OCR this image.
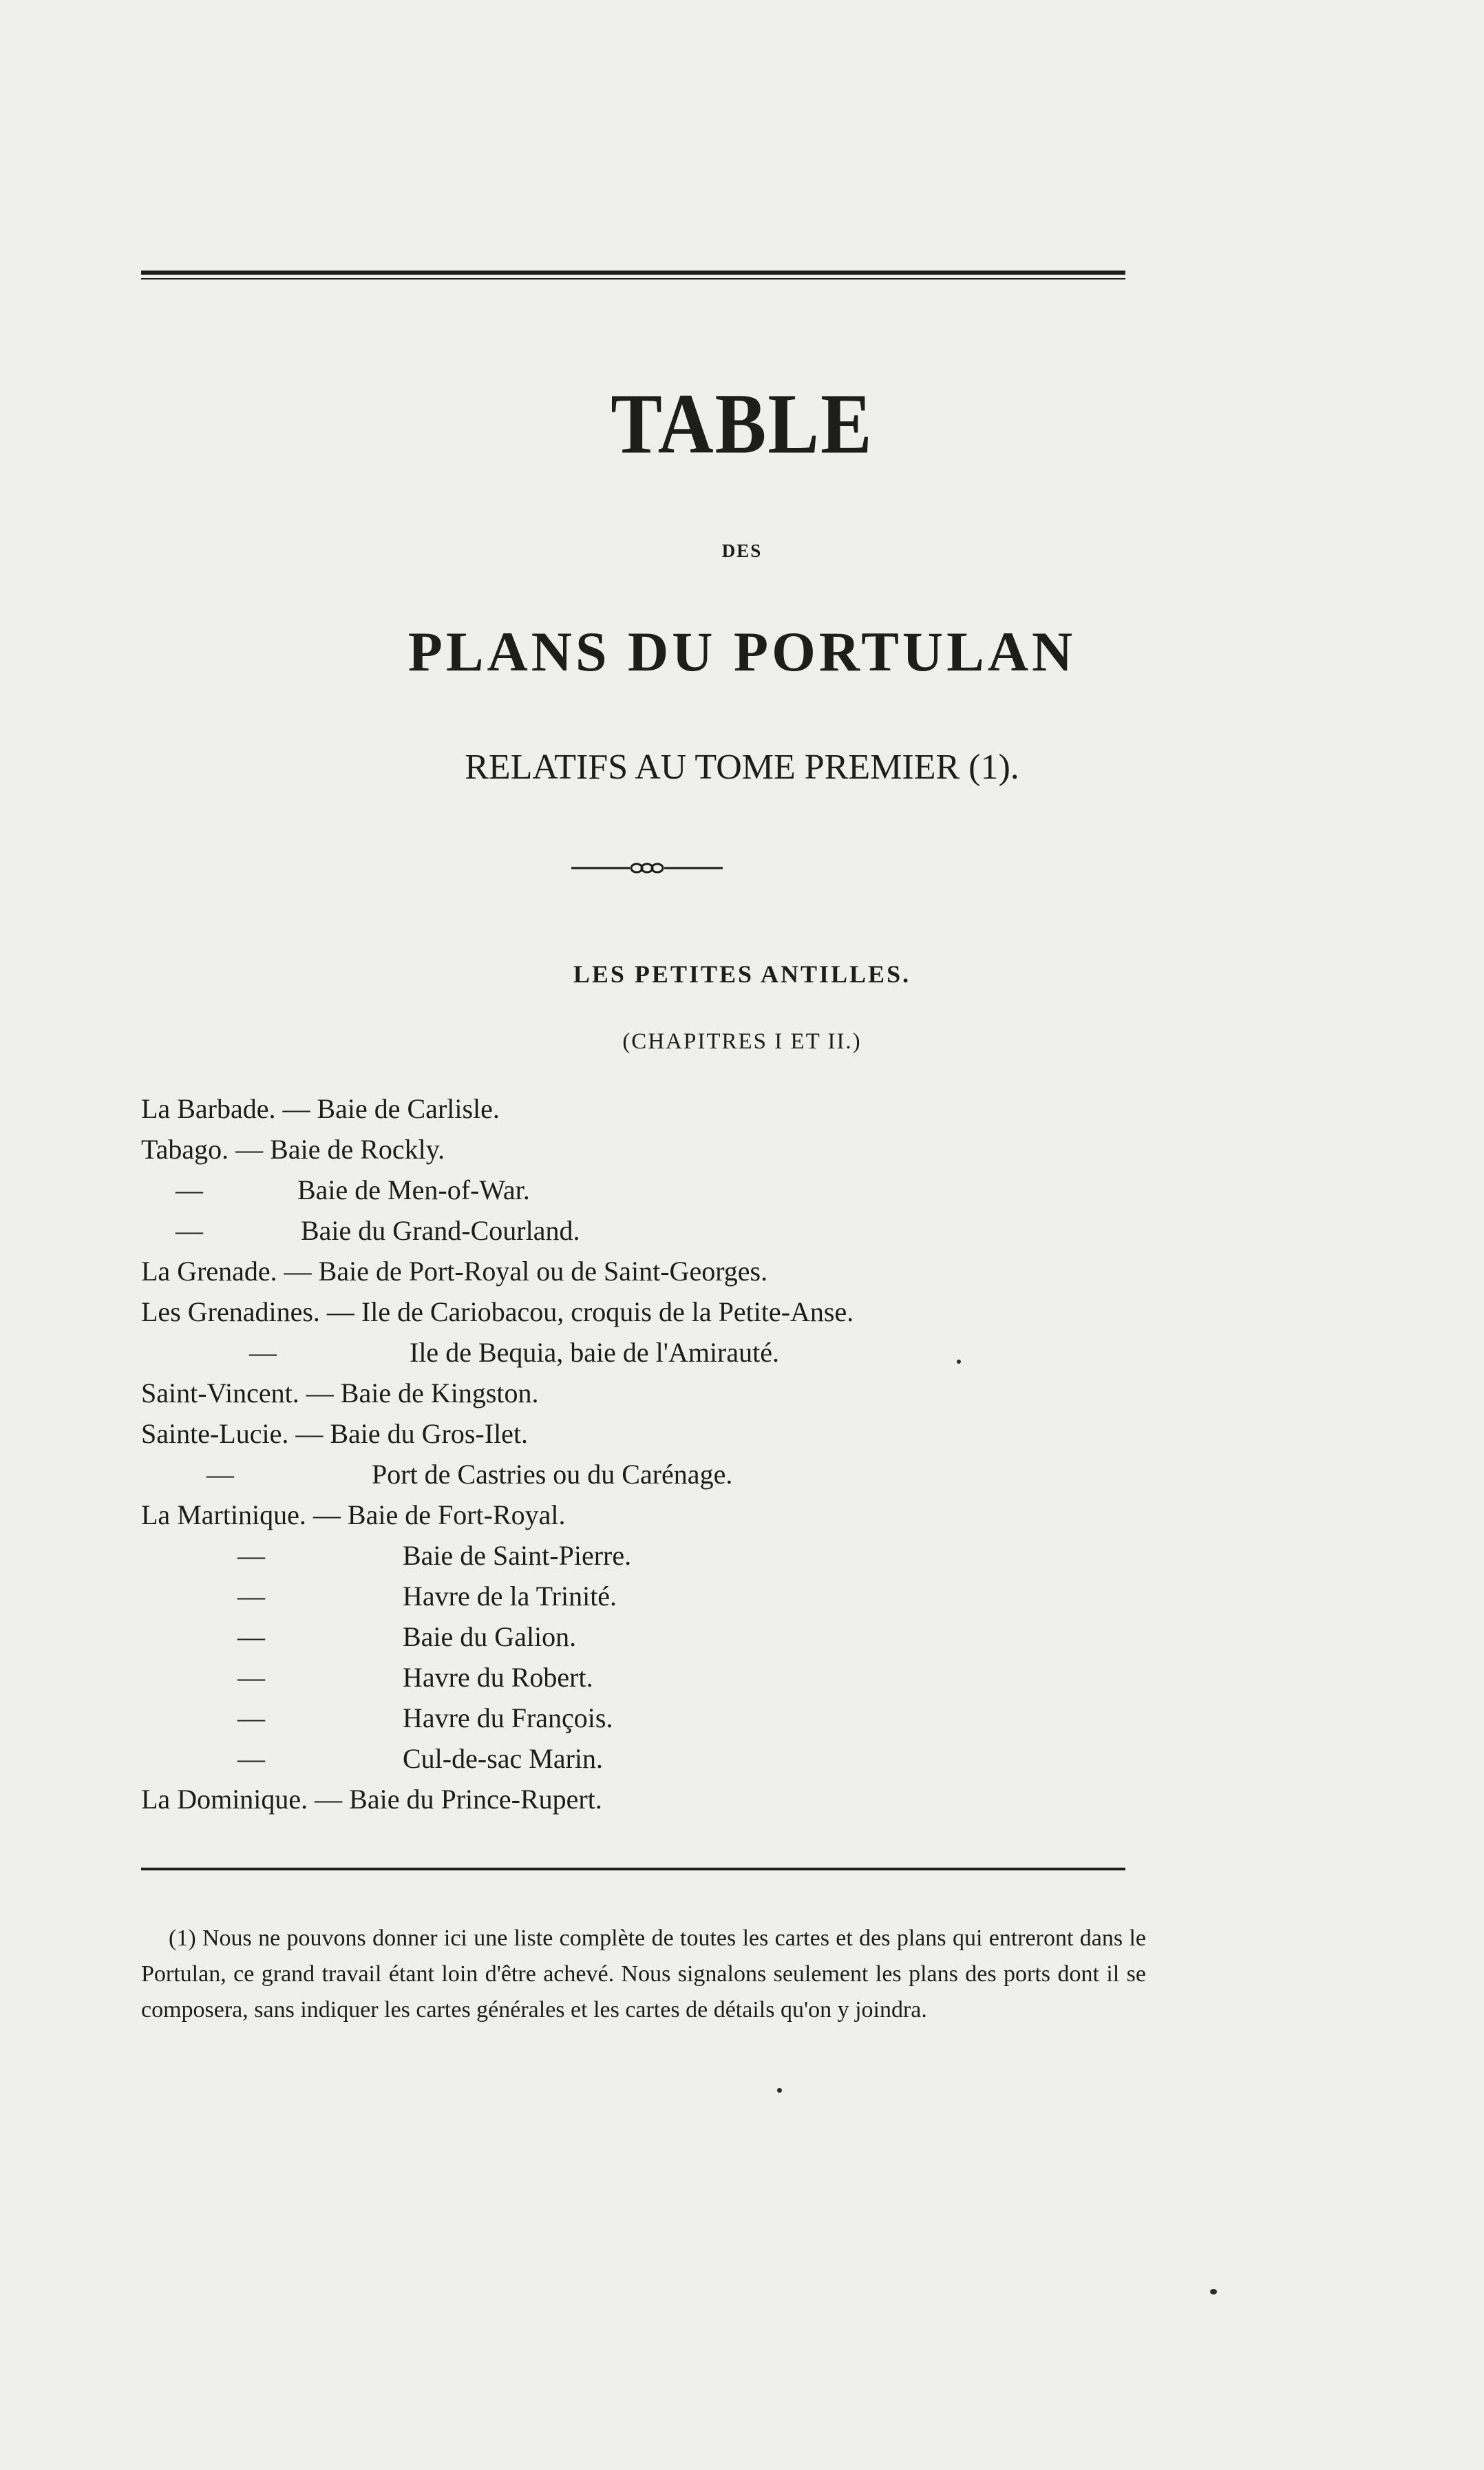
TABLE
DES
PLANS DU PORTULAN
RELATIFS AU TOME PREMIER (1).
LES PETITES ANTILLES.
(CHAPITRES I ET II.)
La Barbade. — Baie de Carlisle.
Tabago. — Baie de Rockly.
—	Baie de Men-of-War.
—	Baie du Grand-Courland.
La Grenade. — Baie de Port-Royal ou de Saint-Georges.
Les Grenadines. — Ile de Cariobacou, croquis de la Petite-Anse.
—	Ile de Bequia, baie de l'Amirauté.
Saint-Vincent. — Baie de Kingston.
Sainte-Lucie. — Baie du Gros-Ilet.
—	Port de Castries ou du Carénage.
La Martinique. — Baie de Fort-Royal.
—	Baie de Saint-Pierre.
—	Havre de la Trinité.
—	Baie du Galion.
—	Havre du Robert.
—	Havre du François.
—	Cul-de-sac Marin.
La Dominique. — Baie du Prince-Rupert.
(1) Nous ne pouvons donner ici une liste complète de toutes les cartes et des plans qui entreront dans le Portulan, ce grand travail étant loin d'être achevé. Nous signalons seulement les plans des ports dont il se composera, sans indiquer les cartes générales et les cartes de détails qu'on y joindra.
